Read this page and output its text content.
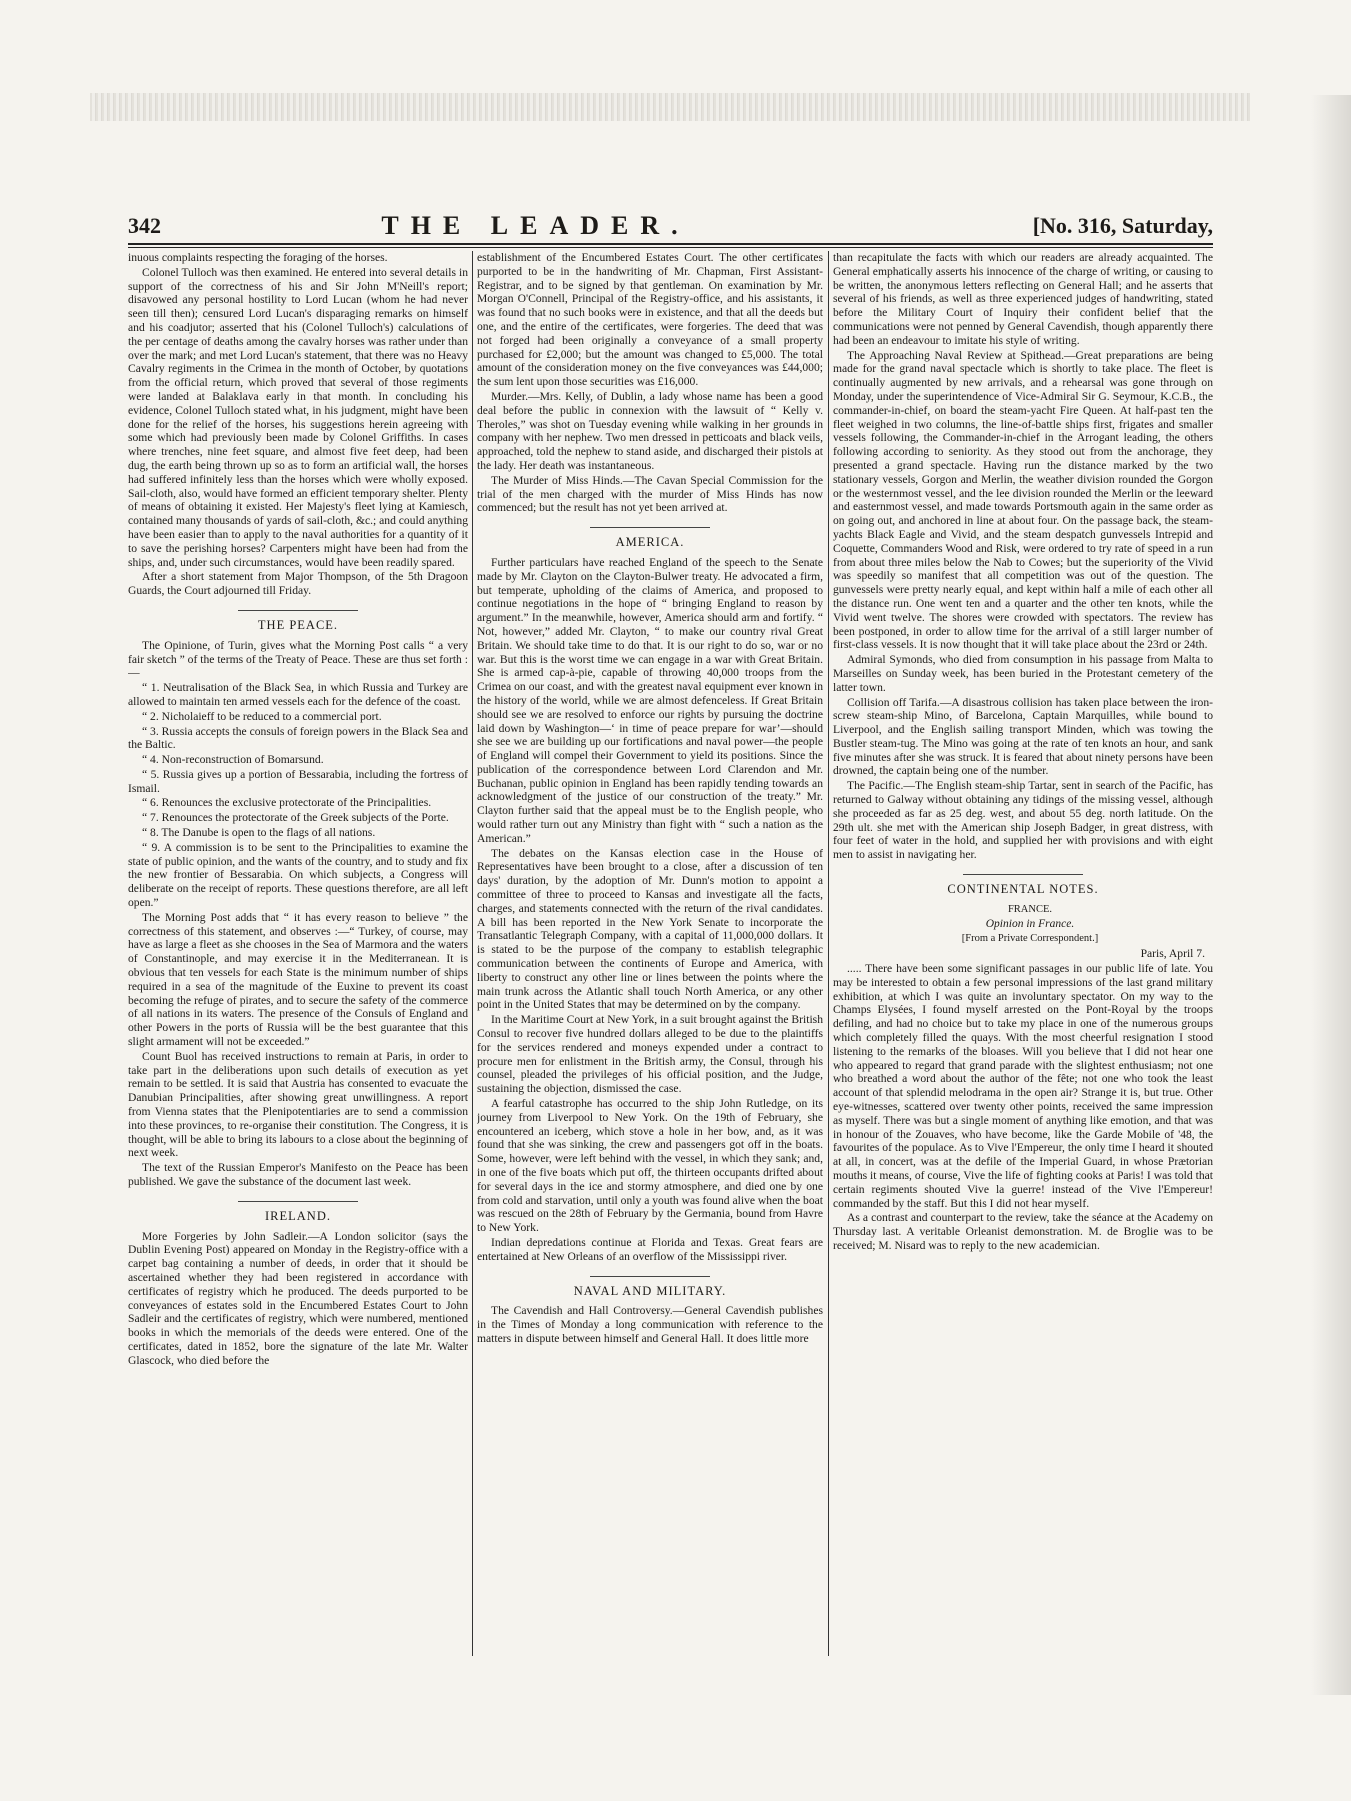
342	THE LEADER.	[No. 316, Saturday,

inuous complaints respecting the foraging of the horses.

Colonel Tulloch was then examined. He entered into several details in support of the correctness of his and Sir John M'Neill's report; disavowed any personal hostility to Lord Lucan (whom he had never seen till then); censured Lord Lucan's disparaging remarks on himself and his coadjutor; asserted that his (Colonel Tulloch's) calculations of the per centage of deaths among the cavalry horses was rather under than over the mark; and met Lord Lucan's statement, that there was no Heavy Cavalry regiments in the Crimea in the month of October, by quotations from the official return, which proved that several of those regiments were landed at Balaklava early in that month. In concluding his evidence, Colonel Tulloch stated what, in his judgment, might have been done for the relief of the horses, his suggestions herein agreeing with some which had previously been made by Colonel Griffiths. In cases where trenches, nine feet square, and almost five feet deep, had been dug, the earth being thrown up so as to form an artificial wall, the horses had suffered infinitely less than the horses which were wholly exposed. Sail-cloth, also, would have formed an efficient temporary shelter. Plenty of means of obtaining it existed. Her Majesty's fleet lying at Kamiesch, contained many thousands of yards of sail-cloth, &c.; and could anything have been easier than to apply to the naval authorities for a quantity of it to save the perishing horses? Carpenters might have been had from the ships, and, under such circumstances, would have been readily spared.

After a short statement from Major Thompson, of the 5th Dragoon Guards, the Court adjourned till Friday.

THE PEACE.

The Opinione, of Turin, gives what the Morning Post calls “ a very fair sketch ” of the terms of the Treaty of Peace. These are thus set forth :—

“ 1. Neutralisation of the Black Sea, in which Russia and Turkey are allowed to maintain ten armed vessels each for the defence of the coast.

“ 2. Nicholaieff to be reduced to a commercial port.

“ 3. Russia accepts the consuls of foreign powers in the Black Sea and the Baltic.

“ 4. Non-reconstruction of Bomarsund.

“ 5. Russia gives up a portion of Bessarabia, including the fortress of Ismail.

“ 6. Renounces the exclusive protectorate of the Principalities.

“ 7. Renounces the protectorate of the Greek subjects of the Porte.

“ 8. The Danube is open to the flags of all nations.

“ 9. A commission is to be sent to the Principalities to examine the state of public opinion, and the wants of the country, and to study and fix the new frontier of Bessarabia. On which subjects, a Congress will deliberate on the receipt of reports. These questions therefore, are all left open.”

The Morning Post adds that “ it has every reason to believe ” the correctness of this statement, and observes :—“ Turkey, of course, may have as large a fleet as she chooses in the Sea of Marmora and the waters of Constantinople, and may exercise it in the Mediterranean. It is obvious that ten vessels for each State is the minimum number of ships required in a sea of the magnitude of the Euxine to prevent its coast becoming the refuge of pirates, and to secure the safety of the commerce of all nations in its waters. The presence of the Consuls of England and other Powers in the ports of Russia will be the best guarantee that this slight armament will not be exceeded.”

Count Buol has received instructions to remain at Paris, in order to take part in the deliberations upon such details of execution as yet remain to be settled. It is said that Austria has consented to evacuate the Danubian Principalities, after showing great unwillingness. A report from Vienna states that the Plenipotentiaries are to send a commission into these provinces, to re-organise their constitution. The Congress, it is thought, will be able to bring its labours to a close about the beginning of next week.

The text of the Russian Emperor's Manifesto on the Peace has been published. We gave the substance of the document last week.

IRELAND.

More Forgeries by John Sadleir.—A London solicitor (says the Dublin Evening Post) appeared on Monday in the Registry-office with a carpet bag containing a number of deeds, in order that it should be ascertained whether they had been registered in accordance with certificates of registry which he produced. The deeds purported to be conveyances of estates sold in the Encumbered Estates Court to John Sadleir and the certificates of registry, which were numbered, mentioned books in which the memorials of the deeds were entered. One of the certificates, dated in 1852, bore the signature of the late Mr. Walter Glascock, who died before the

establishment of the Encumbered Estates Court. The other certificates purported to be in the handwriting of Mr. Chapman, First Assistant-Registrar, and to be signed by that gentleman. On examination by Mr. Morgan O'Connell, Principal of the Registry-office, and his assistants, it was found that no such books were in existence, and that all the deeds but one, and the entire of the certificates, were forgeries. The deed that was not forged had been originally a conveyance of a small property purchased for £2,000; but the amount was changed to £5,000. The total amount of the consideration money on the five conveyances was £44,000; the sum lent upon those securities was £16,000.

Murder.—Mrs. Kelly, of Dublin, a lady whose name has been a good deal before the public in connexion with the lawsuit of “ Kelly v. Theroles,” was shot on Tuesday evening while walking in her grounds in company with her nephew. Two men dressed in petticoats and black veils, approached, told the nephew to stand aside, and discharged their pistols at the lady. Her death was instantaneous.

The Murder of Miss Hinds.—The Cavan Special Commission for the trial of the men charged with the murder of Miss Hinds has now commenced; but the result has not yet been arrived at.

AMERICA.

Further particulars have reached England of the speech to the Senate made by Mr. Clayton on the Clayton-Bulwer treaty. He advocated a firm, but temperate, upholding of the claims of America, and proposed to continue negotiations in the hope of “ bringing England to reason by argument.” In the meanwhile, however, America should arm and fortify. “ Not, however,” added Mr. Clayton, “ to make our country rival Great Britain. We should take time to do that. It is our right to do so, war or no war. But this is the worst time we can engage in a war with Great Britain. She is armed cap-à-pie, capable of throwing 40,000 troops from the Crimea on our coast, and with the greatest naval equipment ever known in the history of the world, while we are almost defenceless. If Great Britain should see we are resolved to enforce our rights by pursuing the doctrine laid down by Washington—‘ in time of peace prepare for war’—should she see we are building up our fortifications and naval power—the people of England will compel their Government to yield its positions. Since the publication of the correspondence between Lord Clarendon and Mr. Buchanan, public opinion in England has been rapidly tending towards an acknowledgment of the justice of our construction of the treaty.” Mr. Clayton further said that the appeal must be to the English people, who would rather turn out any Ministry than fight with “ such a nation as the American.”

The debates on the Kansas election case in the House of Representatives have been brought to a close, after a discussion of ten days' duration, by the adoption of Mr. Dunn's motion to appoint a committee of three to proceed to Kansas and investigate all the facts, charges, and statements connected with the return of the rival candidates. A bill has been reported in the New York Senate to incorporate the Transatlantic Telegraph Company, with a capital of 11,000,000 dollars. It is stated to be the purpose of the company to establish telegraphic communication between the continents of Europe and America, with liberty to construct any other line or lines between the points where the main trunk across the Atlantic shall touch North America, or any other point in the United States that may be determined on by the company.

In the Maritime Court at New York, in a suit brought against the British Consul to recover five hundred dollars alleged to be due to the plaintiffs for the services rendered and moneys expended under a contract to procure men for enlistment in the British army, the Consul, through his counsel, pleaded the privileges of his official position, and the Judge, sustaining the objection, dismissed the case.

A fearful catastrophe has occurred to the ship John Rutledge, on its journey from Liverpool to New York. On the 19th of February, she encountered an iceberg, which stove a hole in her bow, and, as it was found that she was sinking, the crew and passengers got off in the boats. Some, however, were left behind with the vessel, in which they sank; and, in one of the five boats which put off, the thirteen occupants drifted about for several days in the ice and stormy atmosphere, and died one by one from cold and starvation, until only a youth was found alive when the boat was rescued on the 28th of February by the Germania, bound from Havre to New York.

Indian depredations continue at Florida and Texas. Great fears are entertained at New Orleans of an overflow of the Mississippi river.

NAVAL AND MILITARY.

The Cavendish and Hall Controversy.—General Cavendish publishes in the Times of Monday a long communication with reference to the matters in dispute between himself and General Hall. It does little more

than recapitulate the facts with which our readers are already acquainted. The General emphatically asserts his innocence of the charge of writing, or causing to be written, the anonymous letters reflecting on General Hall; and he asserts that several of his friends, as well as three experienced judges of handwriting, stated before the Military Court of Inquiry their confident belief that the communications were not penned by General Cavendish, though apparently there had been an endeavour to imitate his style of writing.

The Approaching Naval Review at Spithead.—Great preparations are being made for the grand naval spectacle which is shortly to take place. The fleet is continually augmented by new arrivals, and a rehearsal was gone through on Monday, under the superintendence of Vice-Admiral Sir G. Seymour, K.C.B., the commander-in-chief, on board the steam-yacht Fire Queen. At half-past ten the fleet weighed in two columns, the line-of-battle ships first, frigates and smaller vessels following, the Commander-in-chief in the Arrogant leading, the others following according to seniority. As they stood out from the anchorage, they presented a grand spectacle. Having run the distance marked by the two stationary vessels, Gorgon and Merlin, the weather division rounded the Gorgon or the westernmost vessel, and the lee division rounded the Merlin or the leeward and easternmost vessel, and made towards Portsmouth again in the same order as on going out, and anchored in line at about four. On the passage back, the steam-yachts Black Eagle and Vivid, and the steam despatch gunvessels Intrepid and Coquette, Commanders Wood and Risk, were ordered to try rate of speed in a run from about three miles below the Nab to Cowes; but the superiority of the Vivid was speedily so manifest that all competition was out of the question. The gunvessels were pretty nearly equal, and kept within half a mile of each other all the distance run. One went ten and a quarter and the other ten knots, while the Vivid went twelve. The shores were crowded with spectators. The review has been postponed, in order to allow time for the arrival of a still larger number of first-class vessels. It is now thought that it will take place about the 23rd or 24th.

Admiral Symonds, who died from consumption in his passage from Malta to Marseilles on Sunday week, has been buried in the Protestant cemetery of the latter town.

Collision off Tarifa.—A disastrous collision has taken place between the iron-screw steam-ship Mino, of Barcelona, Captain Marquilles, while bound to Liverpool, and the English sailing transport Minden, which was towing the Bustler steam-tug. The Mino was going at the rate of ten knots an hour, and sank five minutes after she was struck. It is feared that about ninety persons have been drowned, the captain being one of the number.

The Pacific.—The English steam-ship Tartar, sent in search of the Pacific, has returned to Galway without obtaining any tidings of the missing vessel, although she proceeded as far as 25 deg. west, and about 55 deg. north latitude. On the 29th ult. she met with the American ship Joseph Badger, in great distress, with four feet of water in the hold, and supplied her with provisions and with eight men to assist in navigating her.

CONTINENTAL NOTES.

FRANCE.

Opinion in France.

[From a Private Correspondent.]

Paris, April 7.

..... There have been some significant passages in our public life of late. You may be interested to obtain a few personal impressions of the last grand military exhibition, at which I was quite an involuntary spectator. On my way to the Champs Elysées, I found myself arrested on the Pont-Royal by the troops defiling, and had no choice but to take my place in one of the numerous groups which completely filled the quays. With the most cheerful resignation I stood listening to the remarks of the bloases. Will you believe that I did not hear one who appeared to regard that grand parade with the slightest enthusiasm; not one who breathed a word about the author of the fête; not one who took the least account of that splendid melodrama in the open air? Strange it is, but true. Other eye-witnesses, scattered over twenty other points, received the same impression as myself. There was but a single moment of anything like emotion, and that was in honour of the Zouaves, who have become, like the Garde Mobile of '48, the favourites of the populace. As to Vive l'Empereur, the only time I heard it shouted at all, in concert, was at the defile of the Imperial Guard, in whose Prætorian mouths it means, of course, Vive the life of fighting cooks at Paris! I was told that certain regiments shouted Vive la guerre! instead of the Vive l'Empereur! commanded by the staff. But this I did not hear myself.

As a contrast and counterpart to the review, take the séance at the Academy on Thursday last. A veritable Orleanist demonstration. M. de Broglie was to be received; M. Nisard was to reply to the new academician.
